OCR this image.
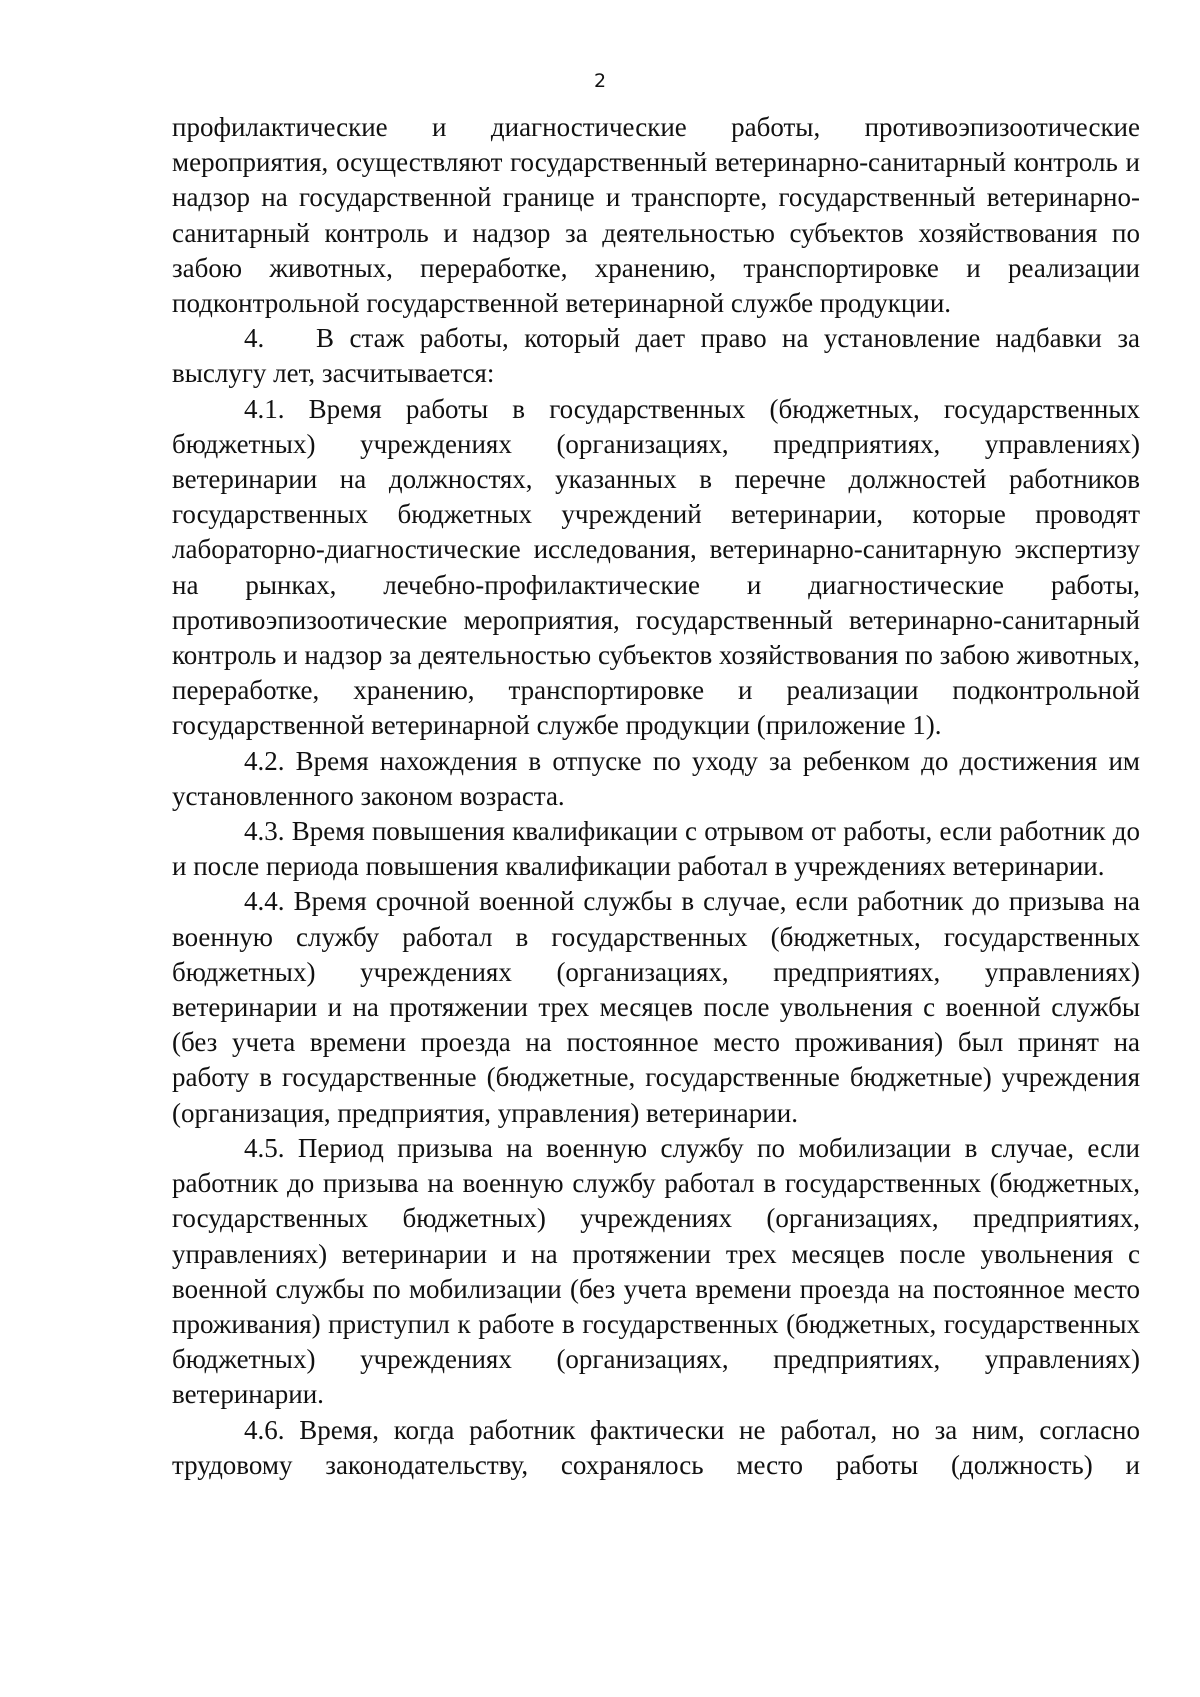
2

профилактические и диагностические работы, противоэпизоотические мероприятия, осуществляют государственный ветеринарно-санитарный контроль и надзор на государственной границе и транспорте, государственный ветеринарно-санитарный контроль и надзор за деятельностью субъектов хозяйствования по забою животных, переработке, хранению, транспортировке и реализации подконтрольной государственной ветеринарной службе продукции.

4. В стаж работы, который дает право на установление надбавки за выслугу лет, засчитывается:

4.1. Время работы в государственных (бюджетных, государственных бюджетных) учреждениях (организациях, предприятиях, управлениях) ветеринарии на должностях, указанных в перечне должностей работников государственных бюджетных учреждений ветеринарии, которые проводят лабораторно-диагностические исследования, ветеринарно-санитарную экспертизу на рынках, лечебно-профилактические и диагностические работы, противоэпизоотические мероприятия, государственный ветеринарно-санитарный контроль и надзор за деятельностью субъектов хозяйствования по забою животных, переработке, хранению, транспортировке и реализации подконтрольной государственной ветеринарной службе продукции (приложение 1).

4.2. Время нахождения в отпуске по уходу за ребенком до достижения им установленного законом возраста.

4.3. Время повышения квалификации с отрывом от работы, если работник до и после периода повышения квалификации работал в учреждениях ветеринарии.

4.4. Время срочной военной службы в случае, если работник до призыва на военную службу работал в государственных (бюджетных, государственных бюджетных) учреждениях (организациях, предприятиях, управлениях) ветеринарии и на протяжении трех месяцев после увольнения с военной службы (без учета времени проезда на постоянное место проживания) был принят на работу в государственные (бюджетные, государственные бюджетные) учреждения (организация, предприятия, управления) ветеринарии.

4.5. Период призыва на военную службу по мобилизации в случае, если работник до призыва на военную службу работал в государственных (бюджетных, государственных бюджетных) учреждениях (организациях, предприятиях, управлениях) ветеринарии и на протяжении трех месяцев после увольнения с военной службы по мобилизации (без учета времени проезда на постоянное место проживания) приступил к работе в государственных (бюджетных, государственных бюджетных) учреждениях (организациях, предприятиях, управлениях) ветеринарии.

4.6. Время, когда работник фактически не работал, но за ним, согласно трудовому законодательству, сохранялось место работы (должность) и
